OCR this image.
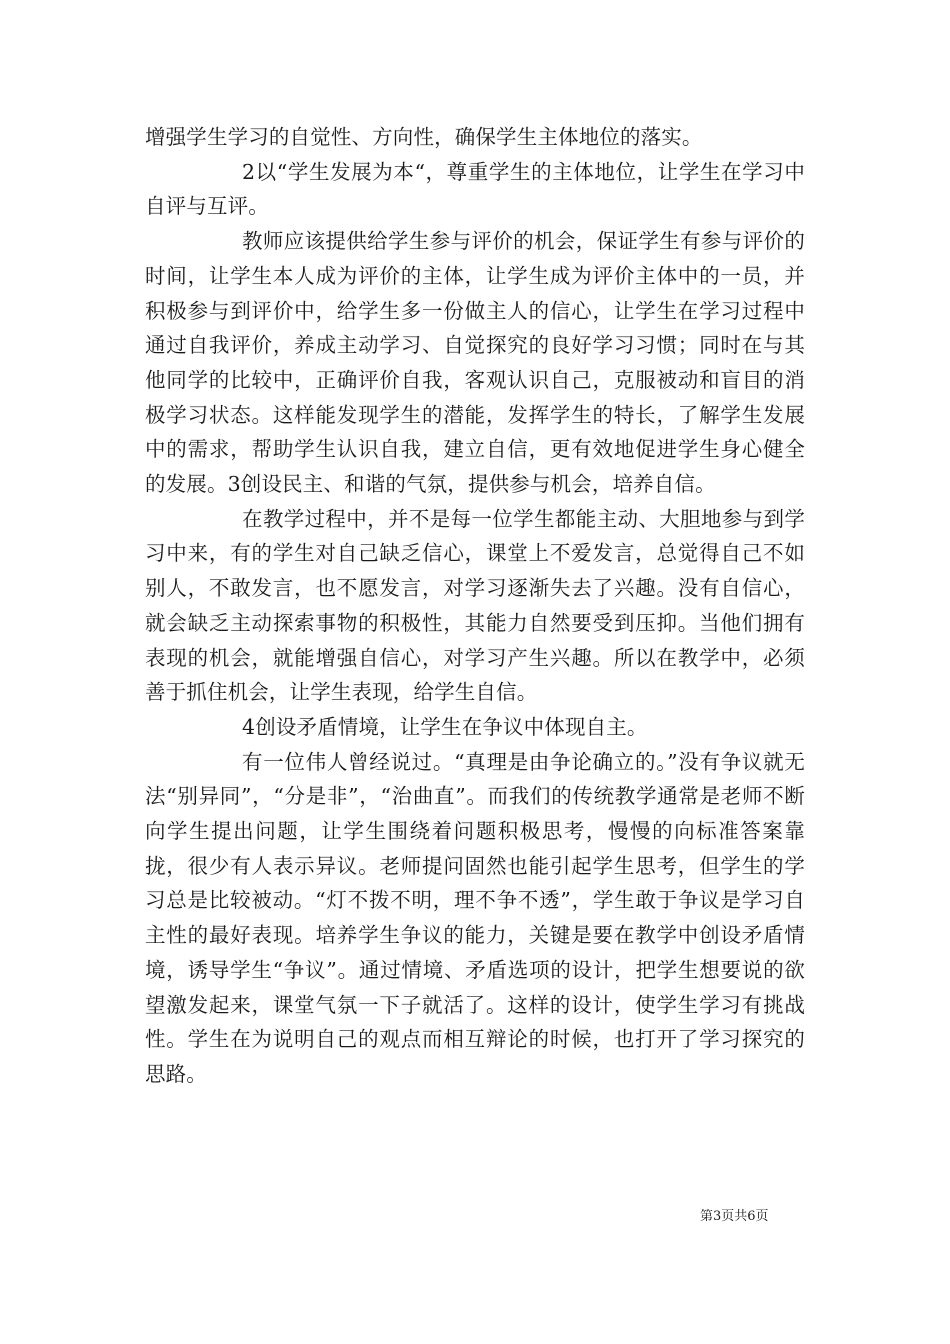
增强学生学习的自觉性、方向性，确保学生主体地位的落实。

2以“学生发展为本“，尊重学生的主体地位，让学生在学习中自评与互评。

教师应该提供给学生参与评价的机会，保证学生有参与评价的时间，让学生本人成为评价的主体，让学生成为评价主体中的一员，并积极参与到评价中，给学生多一份做主人的信心，让学生在学习过程中通过自我评价，养成主动学习、自觉探究的良好学习习惯；同时在与其他同学的比较中，正确评价自我，客观认识自己，克服被动和盲目的消极学习状态。这样能发现学生的潜能，发挥学生的特长，了解学生发展中的需求，帮助学生认识自我，建立自信，更有效地促进学生身心健全的发展。3创设民主、和谐的气氛，提供参与机会，培养自信。

在教学过程中，并不是每一位学生都能主动、大胆地参与到学习中来，有的学生对自己缺乏信心，课堂上不爱发言，总觉得自己不如别人，不敢发言，也不愿发言，对学习逐渐失去了兴趣。没有自信心，就会缺乏主动探索事物的积极性，其能力自然要受到压抑。当他们拥有表现的机会，就能增强自信心，对学习产生兴趣。所以在教学中，必须善于抓住机会，让学生表现，给学生自信。

4创设矛盾情境，让学生在争议中体现自主。

有一位伟人曾经说过。“真理是由争论确立的。”没有争议就无法“别异同”，“分是非”，“治曲直”。而我们的传统教学通常是老师不断向学生提出问题，让学生围绕着问题积极思考，慢慢的向标准答案靠拢，很少有人表示异议。老师提问固然也能引起学生思考，但学生的学习总是比较被动。“灯不拨不明，理不争不透”，学生敢于争议是学习自主性的最好表现。培养学生争议的能力，关键是要在教学中创设矛盾情境，诱导学生“争议”。通过情境、矛盾选项的设计，把学生想要说的欲望激发起来，课堂气氛一下子就活了。这样的设计，使学生学习有挑战性。学生在为说明自己的观点而相互辩论的时候，也打开了学习探究的思路。

第3页共6页
